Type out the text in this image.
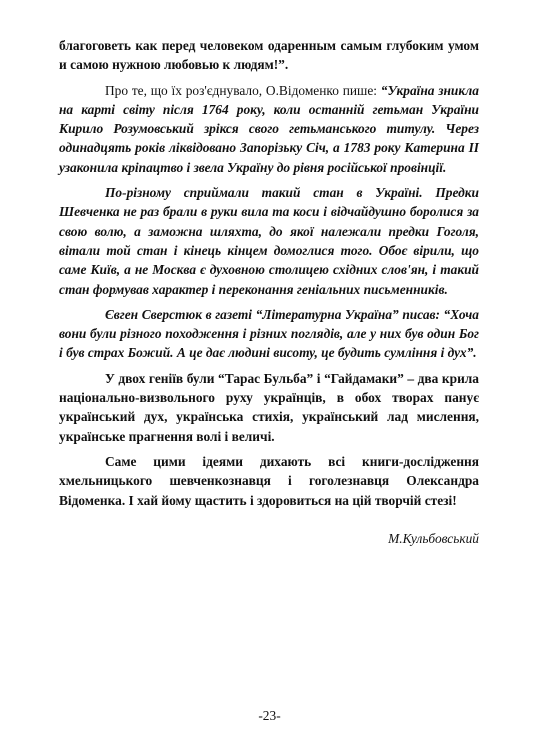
благоговеть как перед человеком одаренным самым глубоким умом и самою нужною любовью к людям!”.

Про те, що їх роз'єднувало, О.Відоменко пише: “Україна зникла на карті світу після 1764 року, коли останній гетьман України Кирило Розумовський зрікся свого гетьманського титулу. Через одинадцять років ліквідовано Запорізьку Січ, а 1783 року Катерина II узаконила кріпацтво і звела Україну до рівня російської провінції.

По-різному сприймали такий стан в Україні. Предки Шевченка не раз брали в руки вила та коси і відчайдушно боролися за свою волю, а заможна шляхта, до якої належали предки Гоголя, вітали той стан і кінець кінцем домоглися того. Обоє вірили, що саме Київ, а не Москва є духовною столицею східних слов'ян, і такий стан формував характер і переконання геніальних письменників.

Євген Сверстюк в газеті “Літературна Україна” писав: “Хоча вони були різного походження і різних поглядів, але у них був один Бог і був страх Божий. А це дає людині висоту, це будить сумління і дух”.

У двох геніїв були “Тарас Бульба” і “Гайдамаки” – два крила національно-визвольного руху українців, в обох творах панує український дух, українська стихія, український лад мислення, українське прагнення волі і величі.

Саме цими ідеями дихають всі книги-дослідження хмельницького шевченкознавця і гоголезнавця Олександра Відоменка. І хай йому щастить і здоровиться на цій творчій стезі!

М.Кульбовський

-23-
